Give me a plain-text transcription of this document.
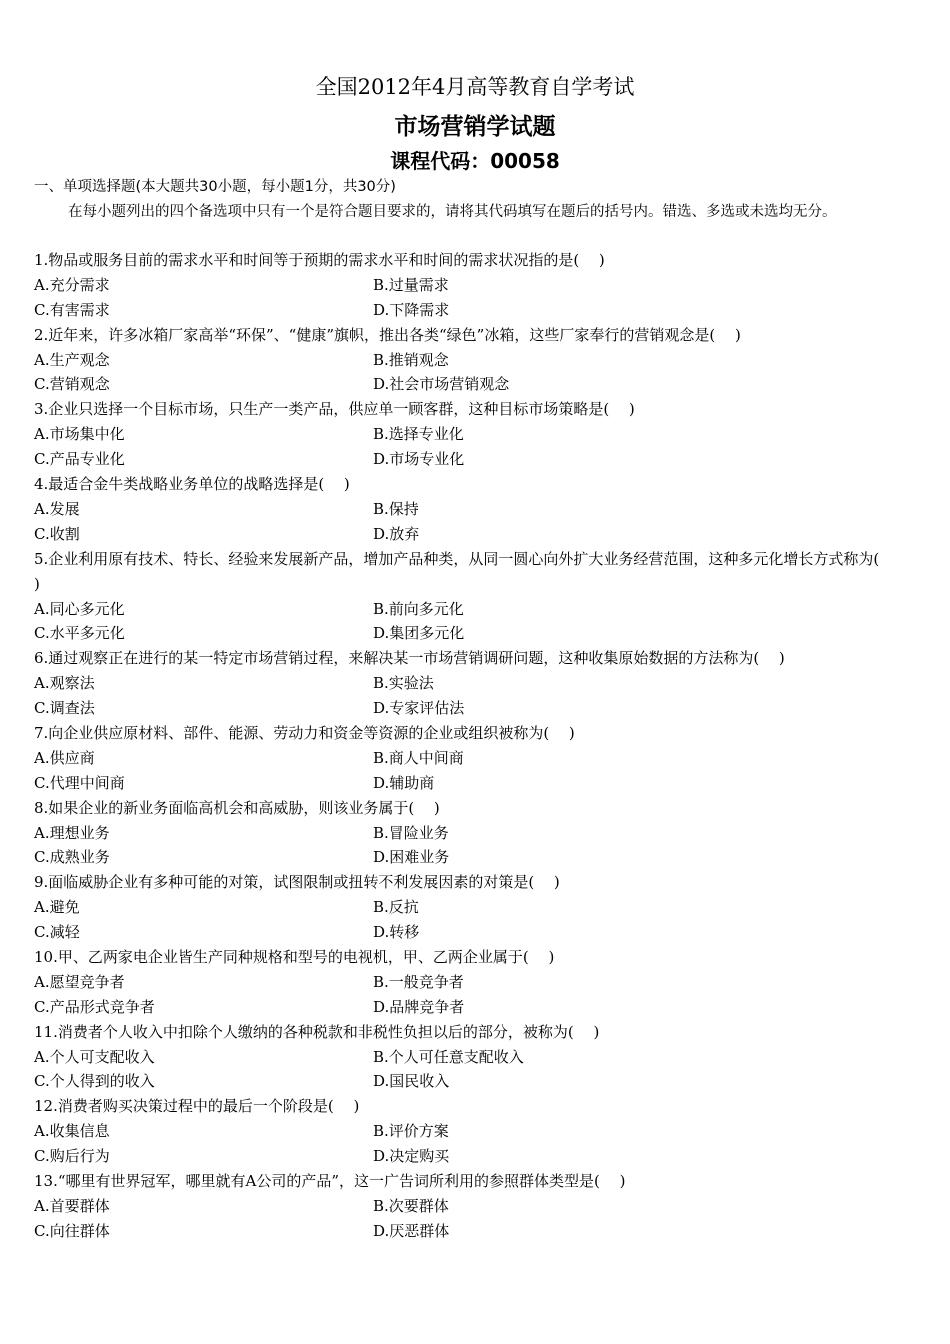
全国2012年4月高等教育自学考试
市场营销学试题
课程代码：00058
一、单项选择题(本大题共30小题，每小题1分，共30分)
在每小题列出的四个备选项中只有一个是符合题目要求的，请将其代码填写在题后的括号内。错选、多选或未选均无分。
1.物品或服务目前的需求水平和时间等于预期的需求水平和时间的需求状况指的是(　 )
A.充分需求	B.过量需求
C.有害需求	D.下降需求
2.近年来，许多冰箱厂家高举“环保”、“健康”旗帜，推出各类“绿色”冰箱，这些厂家奉行的营销观念是(　 )
A.生产观念	B.推销观念
C.营销观念	D.社会市场营销观念
3.企业只选择一个目标市场，只生产一类产品，供应单一顾客群，这种目标市场策略是(　 )
A.市场集中化	B.选择专业化
C.产品专业化	D.市场专业化
4.最适合金牛类战略业务单位的战略选择是(　 )
A.发展	B.保持
C.收割	D.放弃
5.企业利用原有技术、特长、经验来发展新产品，增加产品种类，从同一圆心向外扩大业务经营范围，这种多元化增长方式称为(　 )
A.同心多元化	B.前向多元化
C.水平多元化	D.集团多元化
6.通过观察正在进行的某一特定市场营销过程，来解决某一市场营销调研问题，这种收集原始数据的方法称为(　 )
A.观察法	B.实验法
C.调查法	D.专家评估法
7.向企业供应原材料、部件、能源、劳动力和资金等资源的企业或组织被称为(　 )
A.供应商	B.商人中间商
C.代理中间商	D.辅助商
8.如果企业的新业务面临高机会和高威胁，则该业务属于(　 )
A.理想业务	B.冒险业务
C.成熟业务	D.困难业务
9.面临威胁企业有多种可能的对策，试图限制或扭转不利发展因素的对策是(　 )
A.避免	B.反抗
C.减轻	D.转移
10.甲、乙两家电企业皆生产同种规格和型号的电视机，甲、乙两企业属于(　 )
A.愿望竞争者	B.一般竞争者
C.产品形式竞争者	D.品牌竞争者
11.消费者个人收入中扣除个人缴纳的各种税款和非税性负担以后的部分，被称为(　 )
A.个人可支配收入	B.个人可任意支配收入
C.个人得到的收入	D.国民收入
12.消费者购买决策过程中的最后一个阶段是(　 )
A.收集信息	B.评价方案
C.购后行为	D.决定购买
13.“哪里有世界冠军，哪里就有A公司的产品”，这一广告词所利用的参照群体类型是(　 )
A.首要群体	B.次要群体
C.向往群体	D.厌恶群体
